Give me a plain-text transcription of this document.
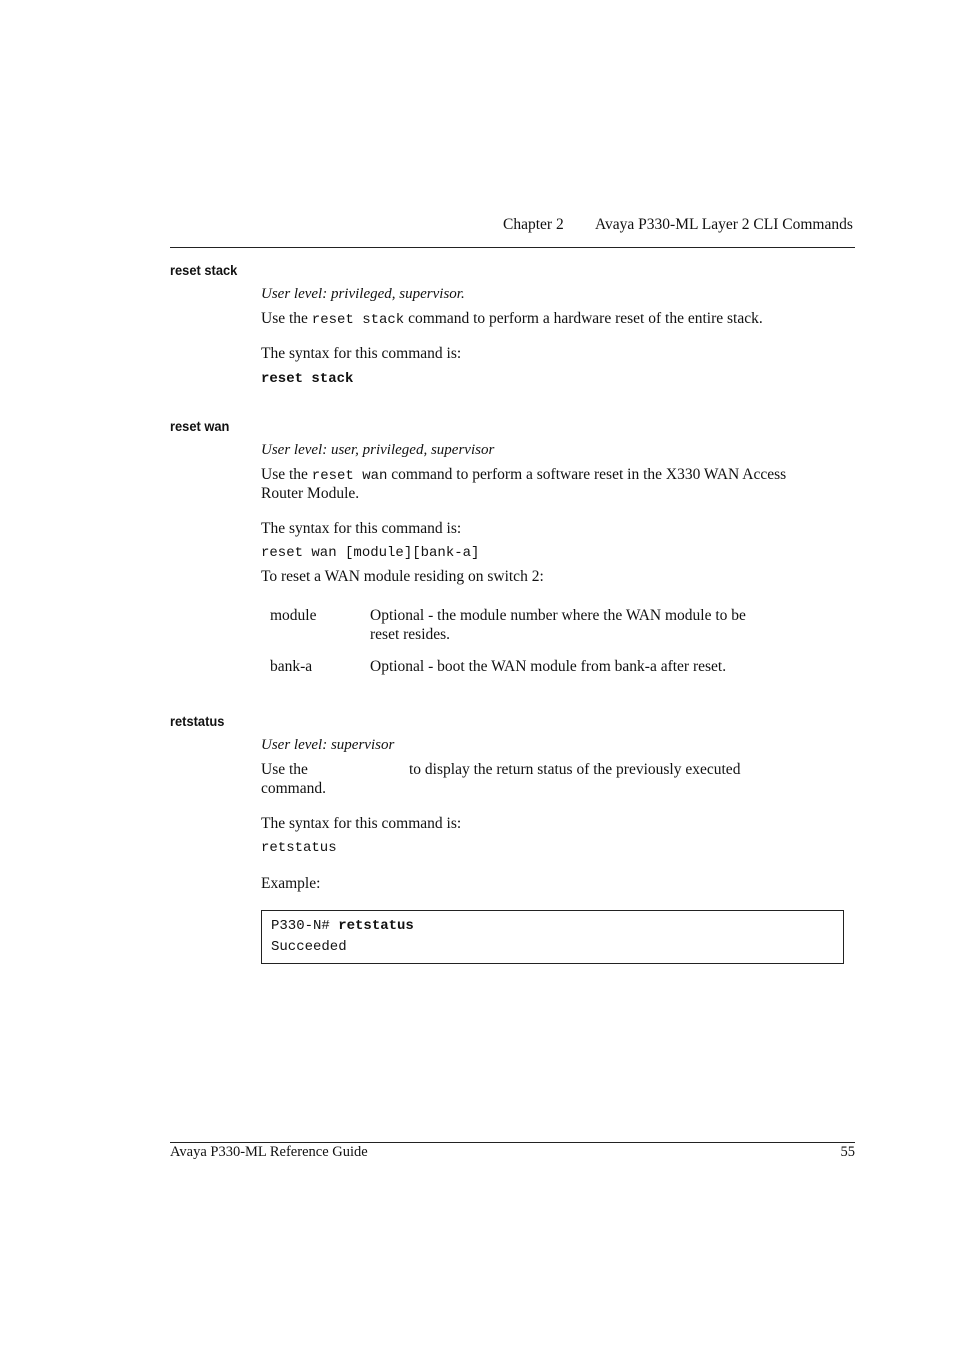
Chapter 2 Avaya P330-ML Layer 2 CLI Commands
reset stack
User level: privileged, supervisor.
Use the reset stack command to perform a hardware reset of the entire stack.
The syntax for this command is:
reset stack
reset wan
User level: user, privileged, supervisor
Use the reset wan command to perform a software reset in the X330 WAN Access
Router Module.
The syntax for this command is:
reset wan [module][bank-a]
To reset a WAN module residing on switch 2:
module	Optional - the module number where the WAN module to be
reset resides.
bank-a	Optional - boot the WAN module from bank-a after reset.
retstatus
User level: supervisor
Use the	to display the return status of the previously executed
command.
The syntax for this command is:
retstatus
Example:
P330-N# retstatus
Succeeded
Avaya P330-ML Reference Guide	55
